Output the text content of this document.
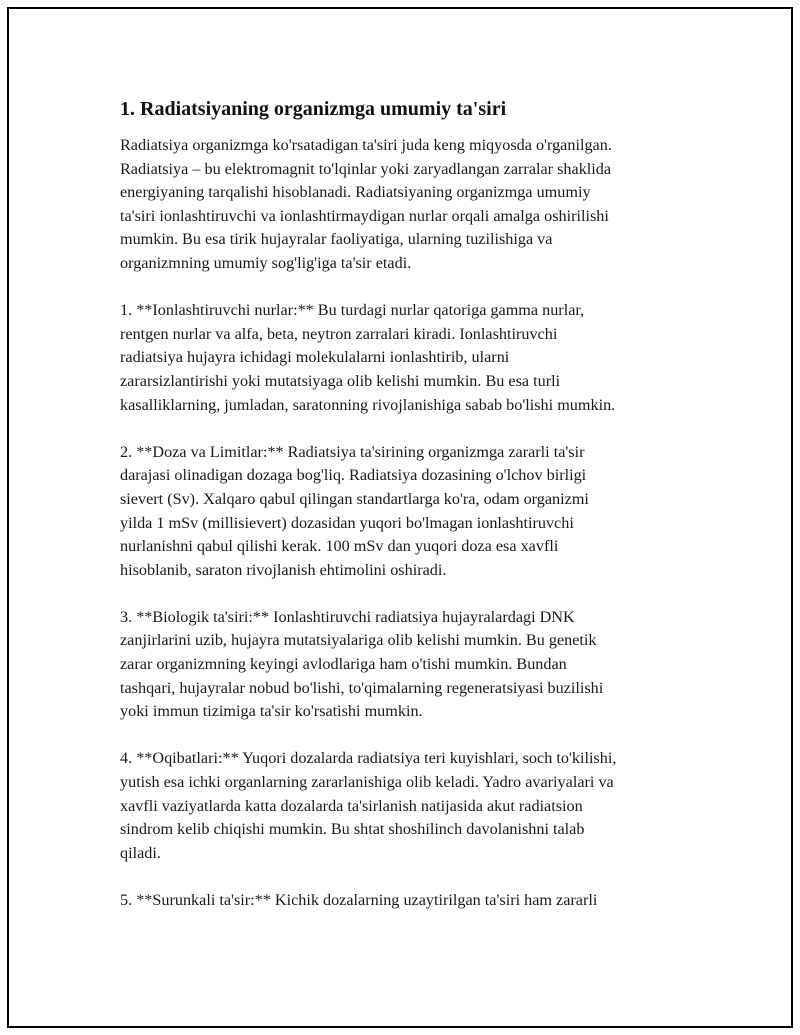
1. Radiatsiyaning organizmga umumiy ta'siri

Radiatsiya organizmga ko'rsatadigan ta'siri juda keng miqyosda o'rganilgan.
Radiatsiya – bu elektromagnit to'lqinlar yoki zaryadlangan zarralar shaklida
energiyaning tarqalishi hisoblanadi. Radiatsiyaning organizmga umumiy
ta'siri ionlashtiruvchi va ionlashtirmaydigan nurlar orqali amalga oshirilishi
mumkin. Bu esa tirik hujayralar faoliyatiga, ularning tuzilishiga va
organizmning umumiy sog'lig'iga ta'sir etadi.

1. **Ionlashtiruvchi nurlar:** Bu turdagi nurlar qatoriga gamma nurlar,
rentgen nurlar va alfa, beta, neytron zarralari kiradi. Ionlashtiruvchi
radiatsiya hujayra ichidagi molekulalarni ionlashtirib, ularni
zararsizlantirishi yoki mutatsiyaga olib kelishi mumkin. Bu esa turli
kasalliklarning, jumladan, saratonning rivojlanishiga sabab bo'lishi mumkin.

2. **Doza va Limitlar:** Radiatsiya ta'sirining organizmga zararli ta'sir
darajasi olinadigan dozaga bog'liq. Radiatsiya dozasining o'lchov birligi
sievert (Sv). Xalqaro qabul qilingan standartlarga ko'ra, odam organizmi
yilda 1 mSv (millisievert) dozasidan yuqori bo'lmagan ionlashtiruvchi
nurlanishni qabul qilishi kerak. 100 mSv dan yuqori doza esa xavfli
hisoblanib, saraton rivojlanish ehtimolini oshiradi.

3. **Biologik ta'siri:** Ionlashtiruvchi radiatsiya hujayralardagi DNK
zanjirlarini uzib, hujayra mutatsiyalariga olib kelishi mumkin. Bu genetik
zarar organizmning keyingi avlodlariga ham o'tishi mumkin. Bundan
tashqari, hujayralar nobud bo'lishi, to'qimalarning regeneratsiyasi buzilishi
yoki immun tizimiga ta'sir ko'rsatishi mumkin.

4. **Oqibatlari:** Yuqori dozalarda radiatsiya teri kuyishlari, soch to'kilishi,
yutish esa ichki organlarning zararlanishiga olib keladi. Yadro avariyalari va
xavfli vaziyatlarda katta dozalarda ta'sirlanish natijasida akut radiatsion
sindrom kelib chiqishi mumkin. Bu shtat shoshilinch davolanishni talab
qiladi.

5. **Surunkali ta'sir:** Kichik dozalarning uzaytirilgan ta'siri ham zararli
